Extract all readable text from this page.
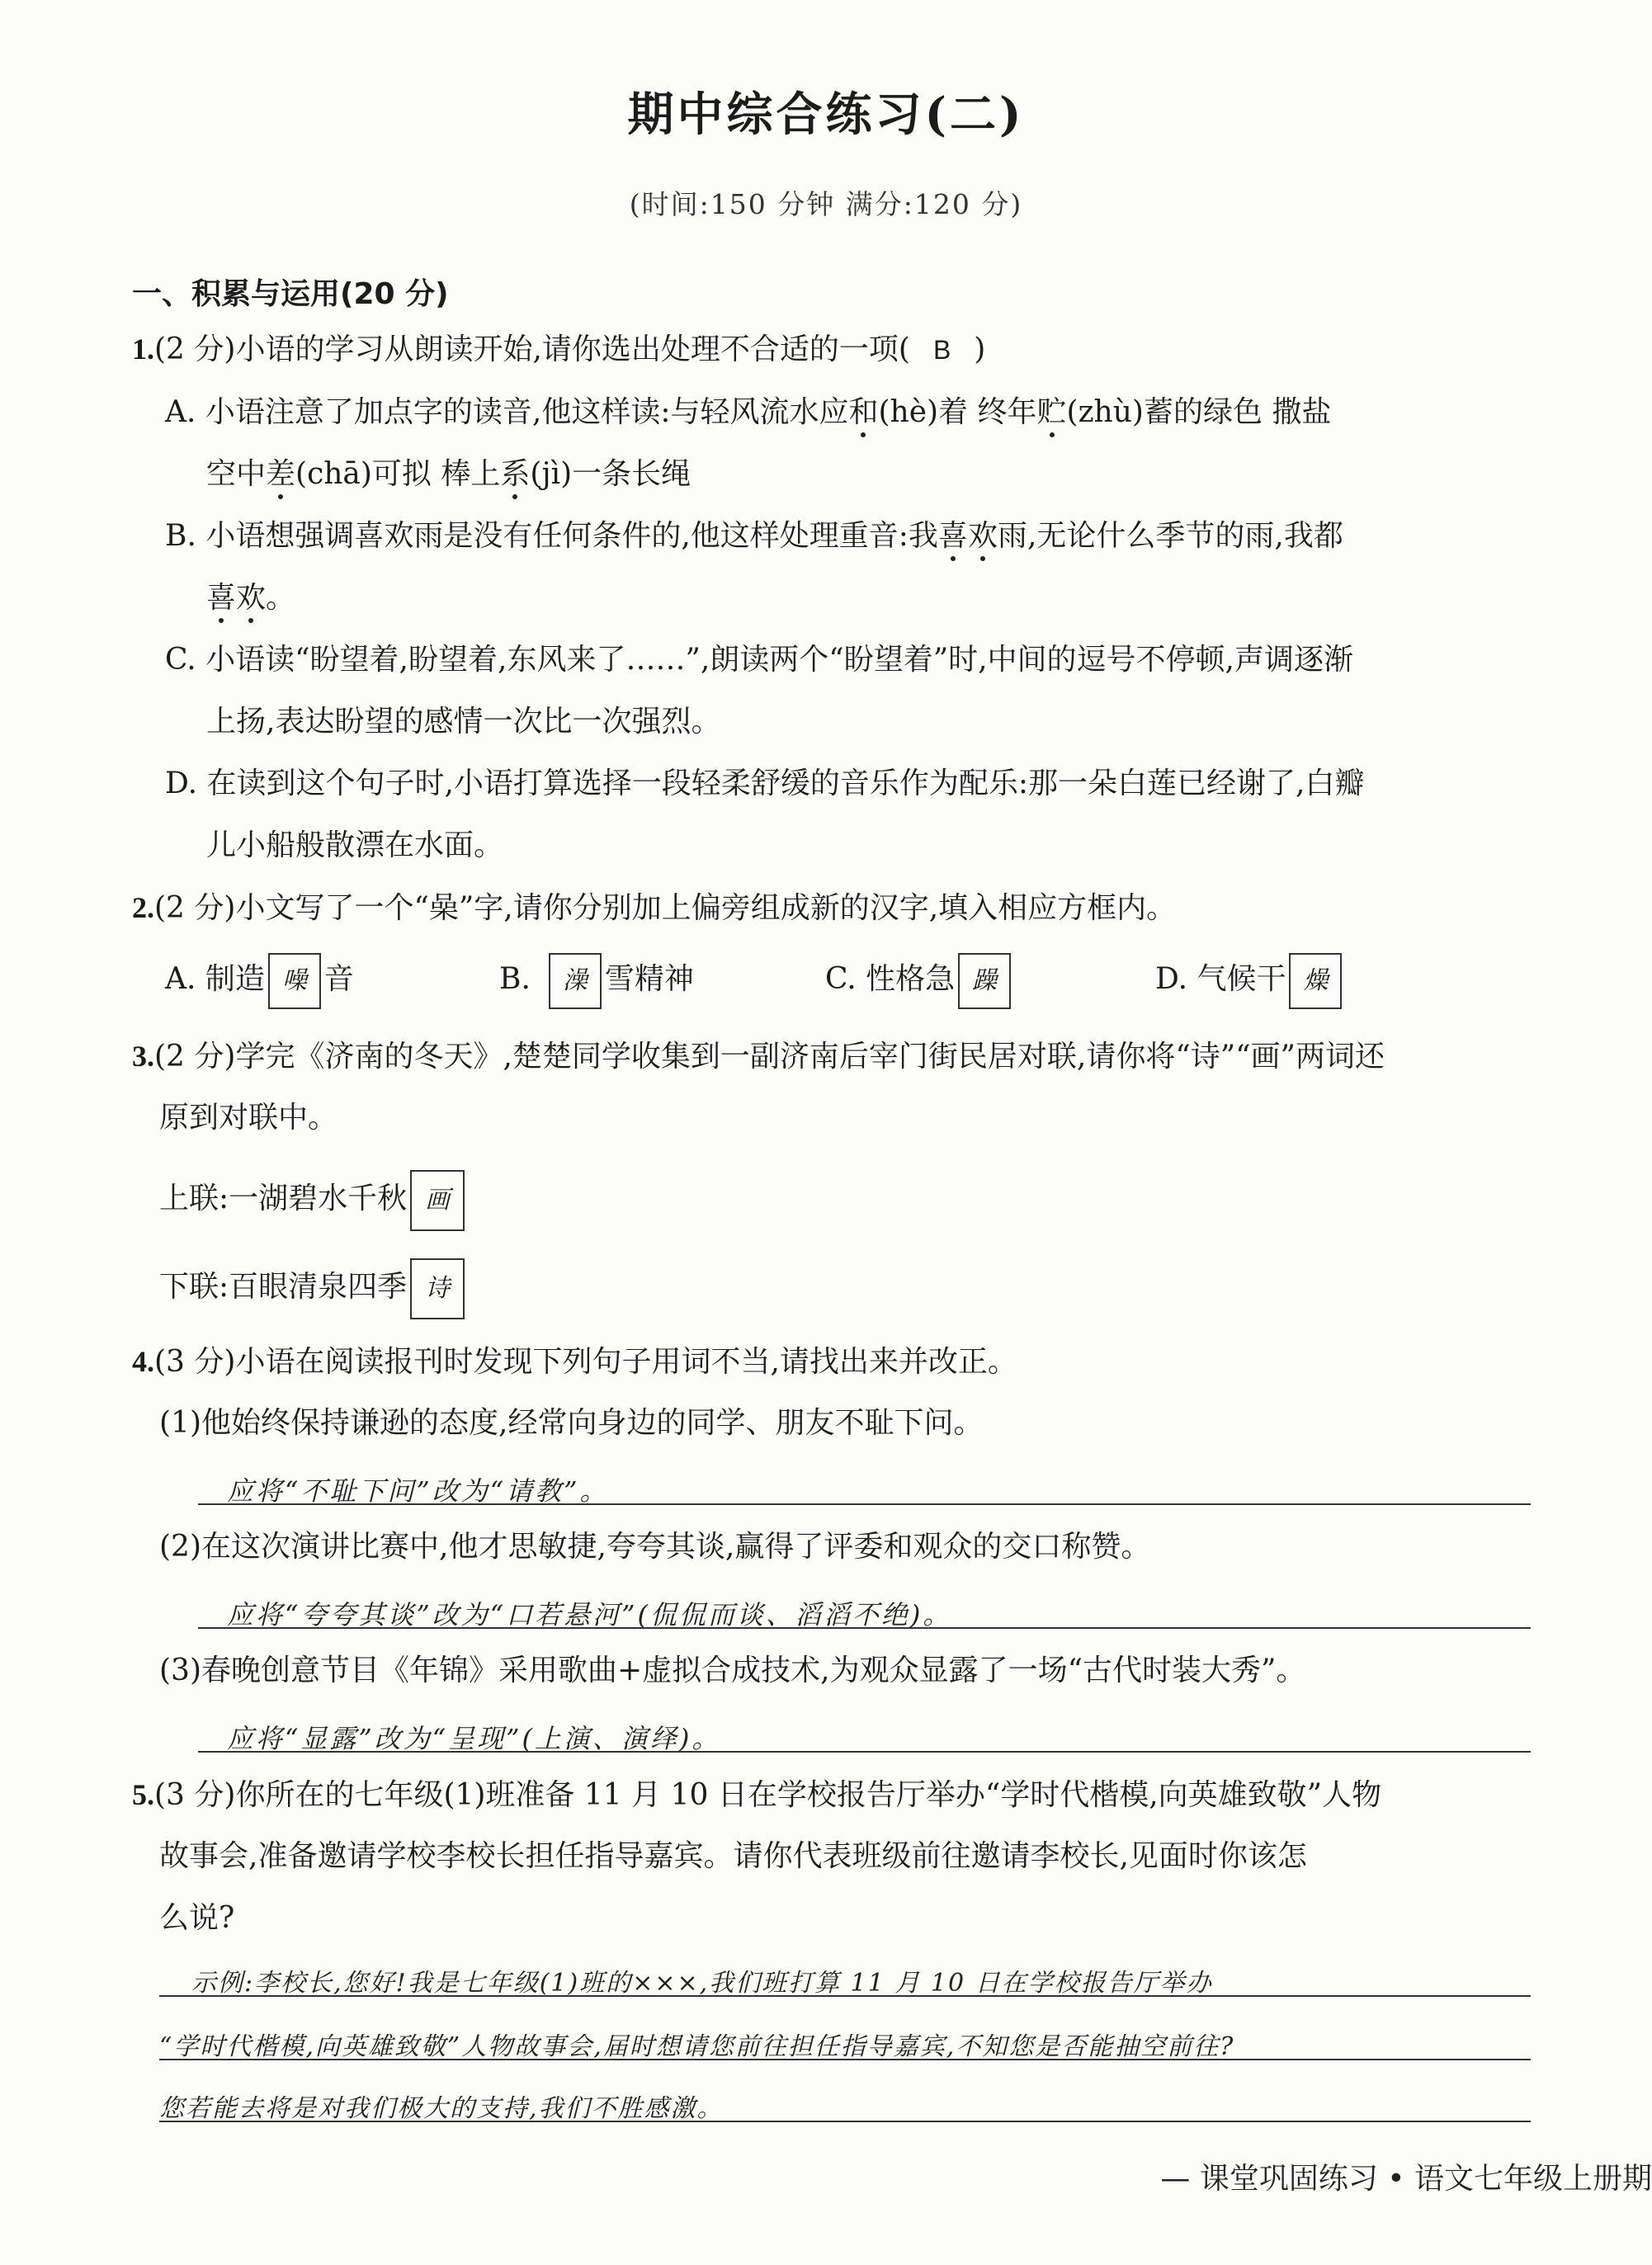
期中综合练习(二)
(时间:150 分钟 满分:120 分)
一、积累与运用(20 分)
1.(2 分)小语的学习从朗读开始,请你选出处理不合适的一项( B )
A. 小语注意了加点字的读音,他这样读:与轻风流水应和(hè)着 终年贮(zhù)蓄的绿色 撒盐
空中差(chā)可拟 棒上系(jì)一条长绳
B. 小语想强调喜欢雨是没有任何条件的,他这样处理重音:我喜欢雨,无论什么季节的雨,我都
喜欢。
C. 小语读“盼望着,盼望着,东风来了……”,朗读两个“盼望着”时,中间的逗号不停顿,声调逐渐
上扬,表达盼望的感情一次比一次强烈。
D. 在读到这个句子时,小语打算选择一段轻柔舒缓的音乐作为配乐:那一朵白莲已经谢了,白瓣
儿小船般散漂在水面。
2.(2 分)小文写了一个“喿”字,请你分别加上偏旁组成新的汉字,填入相应方框内。
A. 制造 噪 音	B. 澡 雪精神	C. 性格急 躁	D. 气候干 燥
3.(2 分)学完《济南的冬天》,楚楚同学收集到一副济南后宰门街民居对联,请你将“诗”“画”两词还
原到对联中。
上联:一湖碧水千秋 画
下联:百眼清泉四季 诗
4.(3 分)小语在阅读报刊时发现下列句子用词不当,请找出来并改正。
(1)他始终保持谦逊的态度,经常向身边的同学、朋友不耻下问。
应将“不耻下问”改为“请教”。
(2)在这次演讲比赛中,他才思敏捷,夸夸其谈,赢得了评委和观众的交口称赞。
应将“夸夸其谈”改为“口若悬河”(侃侃而谈、滔滔不绝)。
(3)春晚创意节目《年锦》采用歌曲+虚拟合成技术,为观众显露了一场“古代时装大秀”。
应将“显露”改为“呈现”(上演、演绎)。
5.(3 分)你所在的七年级(1)班准备 11 月 10 日在学校报告厅举办“学时代楷模,向英雄致敬”人物
故事会,准备邀请学校李校长担任指导嘉宾。请你代表班级前往邀请李校长,见面时你该怎
么说?
示例:李校长,您好!我是七年级(1)班的×××,我们班打算 11 月 10 日在学校报告厅举办
“学时代楷模,向英雄致敬”人物故事会,届时想请您前往担任指导嘉宾,不知您是否能抽空前往?
您若能去将是对我们极大的支持,我们不胜感激。
— 课堂巩固练习 • 语文七年级上册期
